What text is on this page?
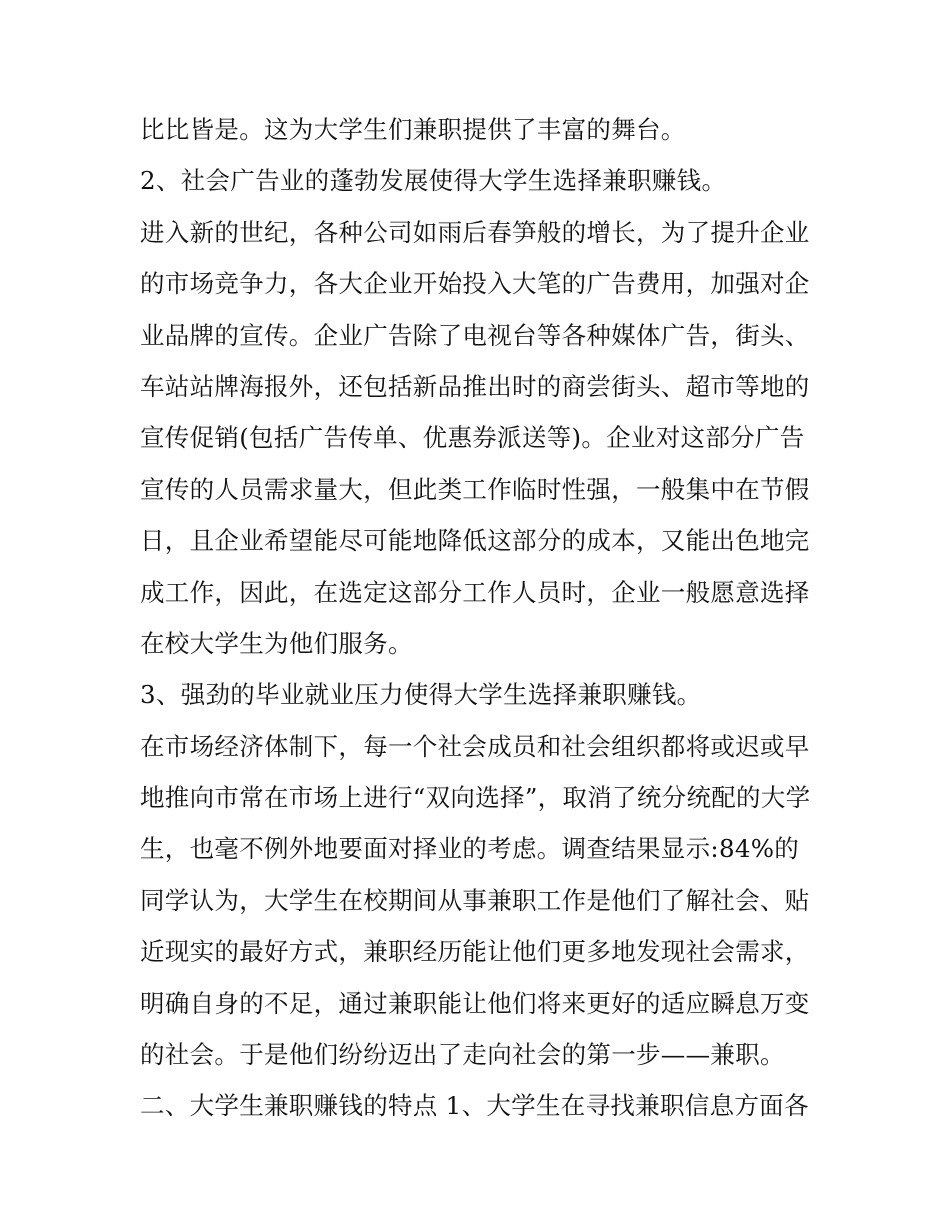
比比皆是。这为大学生们兼职提供了丰富的舞台。

2、社会广告业的蓬勃发展使得大学生选择兼职赚钱。

进入新的世纪，各种公司如雨后春笋般的增长，为了提升企业

的市场竞争力，各大企业开始投入大笔的广告费用，加强对企

业品牌的宣传。企业广告除了电视台等各种媒体广告，街头、

车站站牌海报外，还包括新品推出时的商尝街头、超市等地的

宣传促销(包括广告传单、优惠券派送等)。企业对这部分广告

宣传的人员需求量大，但此类工作临时性强，一般集中在节假

日，且企业希望能尽可能地降低这部分的成本，又能出色地完

成工作，因此，在选定这部分工作人员时，企业一般愿意选择

在校大学生为他们服务。

3、强劲的毕业就业压力使得大学生选择兼职赚钱。

在市场经济体制下，每一个社会成员和社会组织都将或迟或早

地推向市常在市场上进行“双向选择”，取消了统分统配的大学

生，也毫不例外地要面对择业的考虑。调查结果显示:84%的

同学认为，大学生在校期间从事兼职工作是他们了解社会、贴

近现实的最好方式，兼职经历能让他们更多地发现社会需求，

明确自身的不足，通过兼职能让他们将来更好的适应瞬息万变

的社会。于是他们纷纷迈出了走向社会的第一步——兼职。

二、大学生兼职赚钱的特点 1、大学生在寻找兼职信息方面各
